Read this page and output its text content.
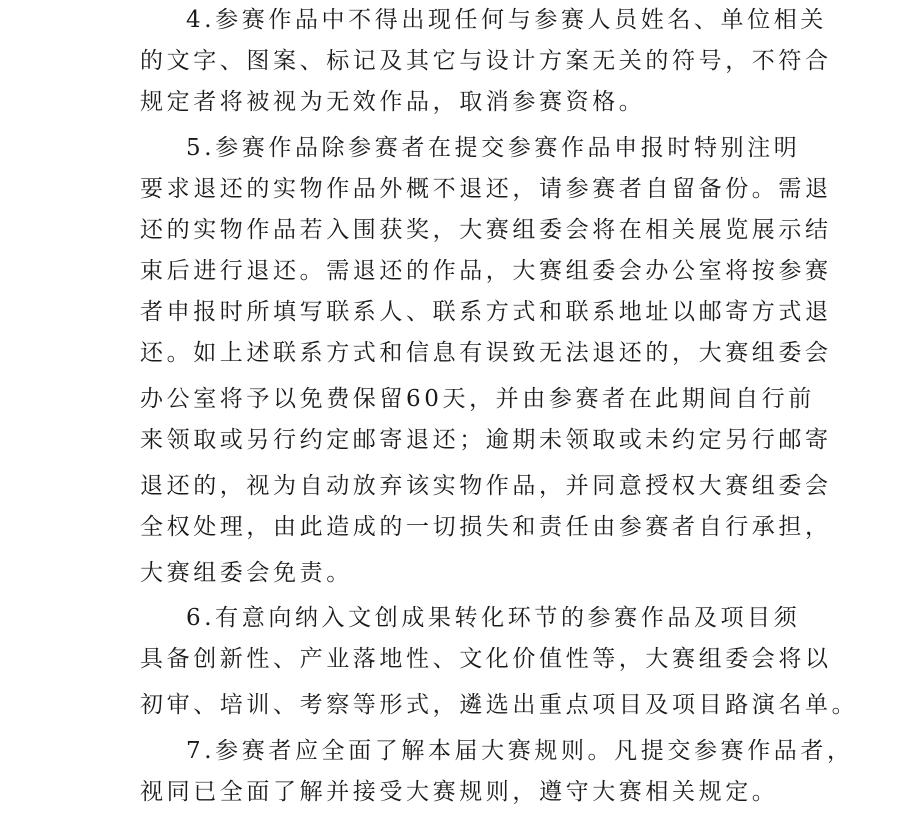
4.参赛作品中不得出现任何与参赛人员姓名、单位相关
的文字、图案、标记及其它与设计方案无关的符号，不符合
规定者将被视为无效作品，取消参赛资格。
5.参赛作品除参赛者在提交参赛作品申报时特别注明
要求退还的实物作品外概不退还，请参赛者自留备份。需退
还的实物作品若入围获奖，大赛组委会将在相关展览展示结
束后进行退还。需退还的作品，大赛组委会办公室将按参赛
者申报时所填写联系人、联系方式和联系地址以邮寄方式退
还。如上述联系方式和信息有误致无法退还的，大赛组委会
办公室将予以免费保留60天，并由参赛者在此期间自行前
来领取或另行约定邮寄退还；逾期未领取或未约定另行邮寄
退还的，视为自动放弃该实物作品，并同意授权大赛组委会
全权处理，由此造成的一切损失和责任由参赛者自行承担，
大赛组委会免责。
6.有意向纳入文创成果转化环节的参赛作品及项目须
具备创新性、产业落地性、文化价值性等，大赛组委会将以
初审、培训、考察等形式，遴选出重点项目及项目路演名单。
7.参赛者应全面了解本届大赛规则。凡提交参赛作品者，
视同已全面了解并接受大赛规则，遵守大赛相关规定。
